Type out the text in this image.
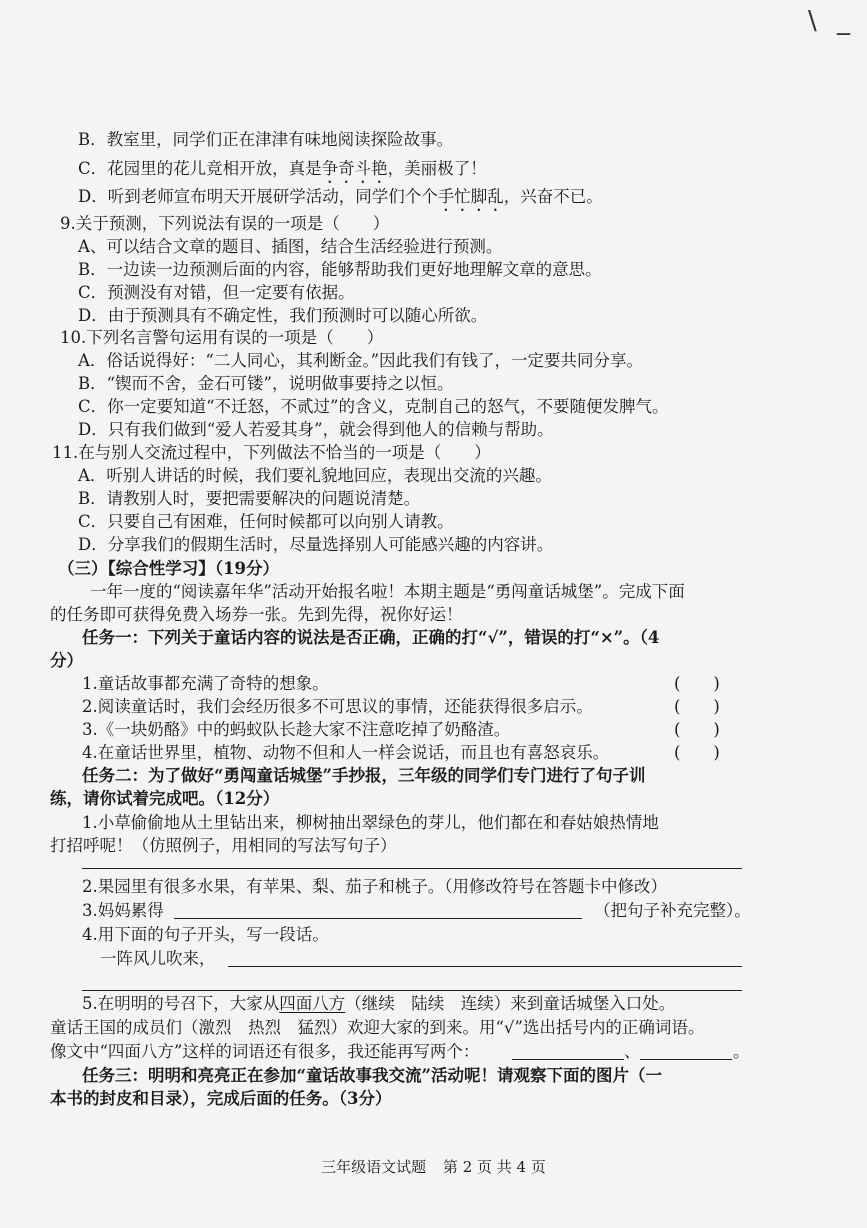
\ _
B．教室里，同学们正在津津有味地阅读探险故事。
C．花园里的花儿竞相开放，真是争奇斗艳，美丽极了！
D．听到老师宣布明天开展研学活动，同学们个个手忙脚乱，兴奋不已。
9.关于预测，下列说法有误的一项是（　　）
A、可以结合文章的题目、插图，结合生活经验进行预测。
B．一边读一边预测后面的内容，能够帮助我们更好地理解文章的意思。
C．预测没有对错，但一定要有依据。
D．由于预测具有不确定性，我们预测时可以随心所欲。
10.下列名言警句运用有误的一项是（　　）
A．俗话说得好：“二人同心，其利断金。”因此我们有钱了，一定要共同分享。
B．“锲而不舍，金石可镂”，说明做事要持之以恒。
C．你一定要知道“不迁怒，不贰过”的含义，克制自己的怒气，不要随便发脾气。
D．只有我们做到“爱人若爱其身”，就会得到他人的信赖与帮助。
11.在与别人交流过程中，下列做法不恰当的一项是（　　）
A．听别人讲话的时候，我们要礼貌地回应，表现出交流的兴趣。
B．请教别人时，要把需要解决的问题说清楚。
C．只要自己有困难，任何时候都可以向别人请教。
D．分享我们的假期生活时，尽量选择别人可能感兴趣的内容讲。
（三）【综合性学习】（19分）
一年一度的“阅读嘉年华”活动开始报名啦！本期主题是“勇闯童话城堡”。完成下面
的任务即可获得免费入场券一张。先到先得，祝你好运！
任务一：下列关于童话内容的说法是否正确，正确的打“√”，错误的打“×”。（4
分）
1.童话故事都充满了奇特的想象。	(　　)
2.阅读童话时，我们会经历很多不可思议的事情，还能获得很多启示。	(　　)
3.《一块奶酪》中的蚂蚁队长趁大家不注意吃掉了奶酪渣。	(　　)
4.在童话世界里，植物、动物不但和人一样会说话，而且也有喜怒哀乐。	(　　)
任务二：为了做好“勇闯童话城堡”手抄报，三年级的同学们专门进行了句子训
练，请你试着完成吧。（12分）
1.小草偷偷地从土里钻出来，柳树抽出翠绿色的芽儿，他们都在和春姑娘热情地
打招呼呢！（仿照例子，用相同的写法写句子）
2.果园里有很多水果，有苹果、梨、茄子和桃子。（用修改符号在答题卡中修改）
3.妈妈累得	（把句子补充完整）。
4.用下面的句子开头，写一段话。
一阵风儿吹来，
5.在明明的号召下，大家从四面八方（继续　陆续　连续）来到童话城堡入口处。
童话王国的成员们（激烈　热烈　猛烈）欢迎大家的到来。用“√”选出括号内的正确词语。
像文中“四面八方”这样的词语还有很多，我还能再写两个：	、	。
任务三：明明和亮亮正在参加“童话故事我交流”活动呢！请观察下面的图片（一
本书的封皮和目录），完成后面的任务。（3分）
三年级语文试题 第 2 页 共 4 页
